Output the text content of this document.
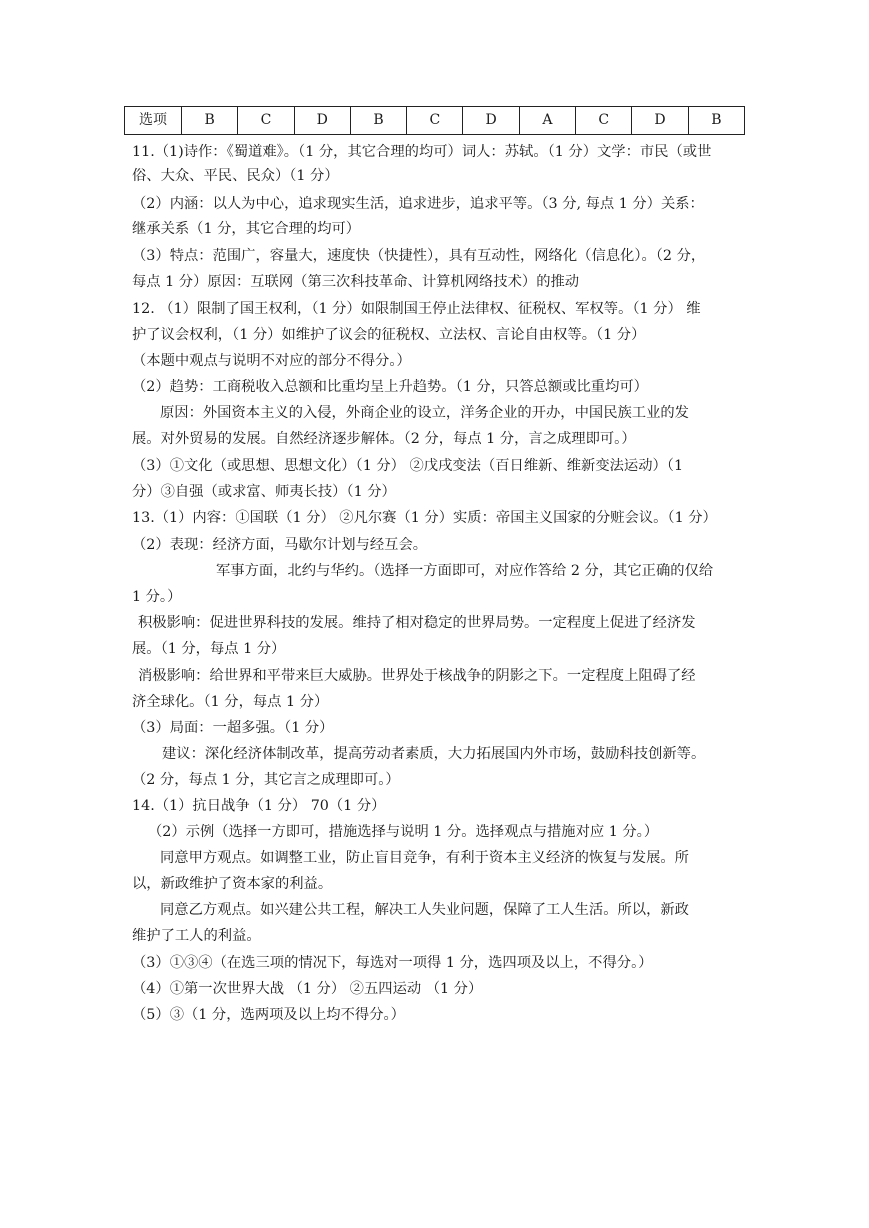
选项	B	C	D	B	C	D	A	C	D	B
11.（1)诗作：《蜀道难》。（1 分，其它合理的均可）词人：苏轼。（1 分）文学：市民（或世
俗、大众、平民、民众）（1 分）
（2）内涵：以人为中心，追求现实生活，追求进步，追求平等。（3 分, 每点 1 分）关系：
继承关系（1 分，其它合理的均可）
（3）特点：范围广，容量大，速度快（快捷性），具有互动性，网络化（信息化）。（2 分，
每点 1 分）原因：互联网（第三次科技革命、计算机网络技术）的推动
12. （1）限制了国王权利，（1 分）如限制国王停止法律权、征税权、军权等。（1 分） 维
护了议会权利，（1 分）如维护了议会的征税权、立法权、言论自由权等。（1 分）
（本题中观点与说明不对应的部分不得分。）
（2）趋势：工商税收入总额和比重均呈上升趋势。（1 分，只答总额或比重均可）
原因：外国资本主义的入侵，外商企业的设立，洋务企业的开办，中国民族工业的发
展。对外贸易的发展。自然经济逐步解体。（2 分，每点 1 分，言之成理即可。）
（3）①文化（或思想、思想文化）（1 分） ②戊戌变法（百日维新、维新变法运动）（1
分）③自强（或求富、师夷长技）（1 分）
13.（1）内容：①国联（1 分） ②凡尔赛（1 分）实质：帝国主义国家的分赃会议。（1 分）
（2）表现：经济方面，马歇尔计划与经互会。
军事方面，北约与华约。（选择一方面即可，对应作答给 2 分，其它正确的仅给
1 分。）
积极影响：促进世界科技的发展。维持了相对稳定的世界局势。一定程度上促进了经济发
展。（1 分，每点 1 分）
消极影响：给世界和平带来巨大威胁。世界处于核战争的阴影之下。一定程度上阻碍了经
济全球化。（1 分，每点 1 分）
（3）局面：一超多强。（1 分）
建议：深化经济体制改革，提高劳动者素质，大力拓展国内外市场，鼓励科技创新等。
（2 分，每点 1 分，其它言之成理即可。）
14.（1）抗日战争（1 分） 70（1 分）
（2）示例（选择一方即可，措施选择与说明 1 分。选择观点与措施对应 1 分。）
同意甲方观点。如调整工业，防止盲目竞争，有利于资本主义经济的恢复与发展。所
以，新政维护了资本家的利益。
同意乙方观点。如兴建公共工程，解决工人失业问题，保障了工人生活。所以，新政
维护了工人的利益。
（3）①③④（在选三项的情况下，每选对一项得 1 分，选四项及以上，不得分。）
（4）①第一次世界大战 （1 分） ②五四运动 （1 分）
（5）③（1 分，选两项及以上均不得分。）
